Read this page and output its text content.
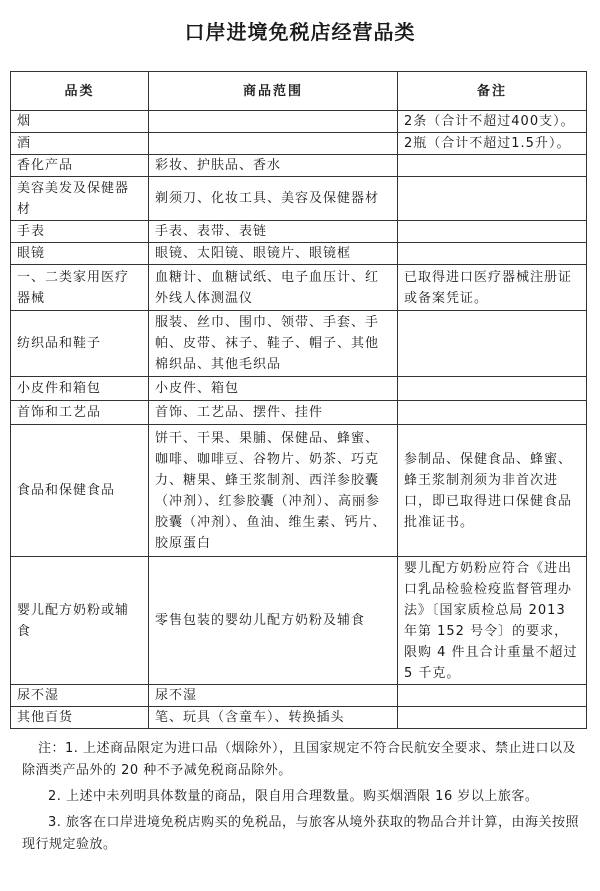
口岸进境免税店经营品类
品类	商品范围	备注
烟		2条（合计不超过400支）。
酒		2瓶（合计不超过1.5升）。
香化产品	彩妆、护肤品、香水	
美容美发及保健器材	剃须刀、化妆工具、美容及保健器材	
手表	手表、表带、表链	
眼镜	眼镜、太阳镜、眼镜片、眼镜框	
一、二类家用医疗器械	血糖计、血糖试纸、电子血压计、红外线人体测温仪	已取得进口医疗器械注册证或备案凭证。
纺织品和鞋子	服装、丝巾、围巾、领带、手套、手帕、皮带、袜子、鞋子、帽子、其他棉织品、其他毛织品	
小皮件和箱包	小皮件、箱包	
首饰和工艺品	首饰、工艺品、摆件、挂件	
食品和保健食品	饼干、干果、果脯、保健品、蜂蜜、咖啡、咖啡豆、谷物片、奶茶、巧克力、糖果、蜂王浆制剂、西洋参胶囊（冲剂）、红参胶囊（冲剂）、高丽参胶囊（冲剂）、鱼油、维生素、钙片、胶原蛋白	参制品、保健食品、蜂蜜、蜂王浆制剂须为非首次进口，即已取得进口保健食品批准证书。
婴儿配方奶粉或辅食	零售包装的婴幼儿配方奶粉及辅食	婴儿配方奶粉应符合《进出口乳品检验检疫监督管理办法》〔国家质检总局 2013 年第 152 号令〕的要求，限购 4 件且合计重量不超过 5 千克。
尿不湿	尿不湿	
其他百货	笔、玩具（含童车）、转换插头	

注：1. 上述商品限定为进口品（烟除外），且国家规定不符合民航安全要求、禁止进口以及除酒类产品外的 20 种不予减免税商品除外。

2. 上述中未列明具体数量的商品，限自用合理数量。购买烟酒限 16 岁以上旅客。

3. 旅客在口岸进境免税店购买的免税品，与旅客从境外获取的物品合并计算，由海关按照现行规定验放。
